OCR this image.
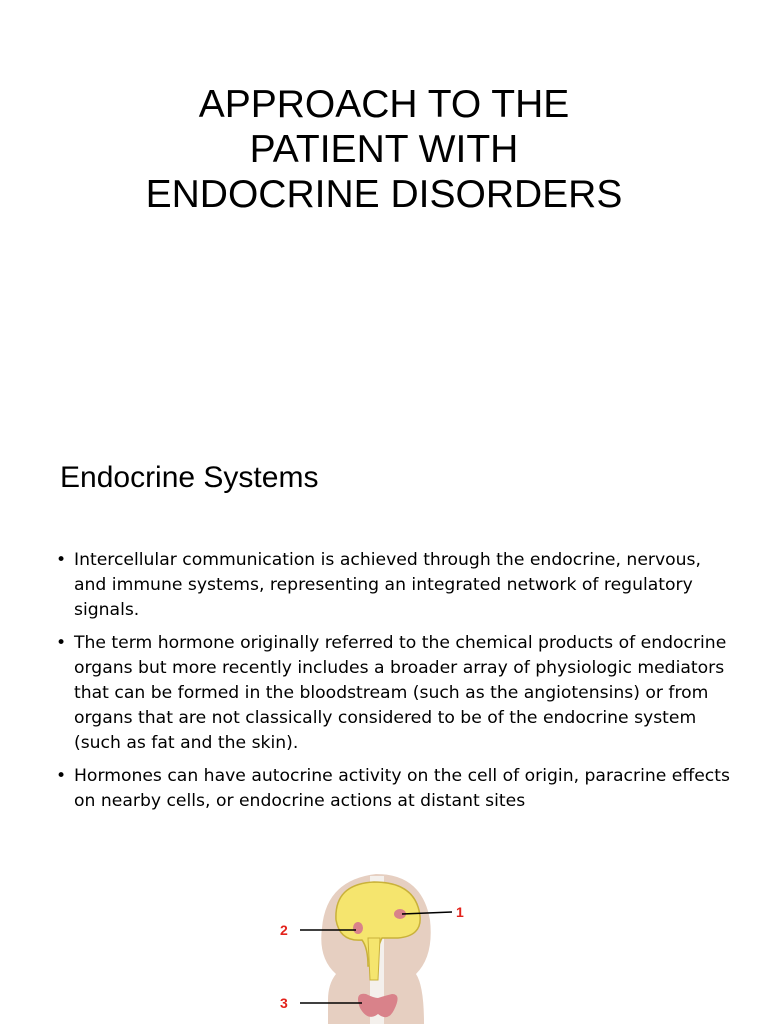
APPROACH TO THE
PATIENT WITH
ENDOCRINE DISORDERS
Endocrine Systems
• Intercellular communication is achieved through the endocrine, nervous, and immune systems, representing an integrated network of regulatory signals.
• The term hormone originally referred to the chemical products of endocrine organs but more recently includes a broader array of physiologic mediators that can be formed in the bloodstream (such as the angiotensins) or from organs that are not classically considered to be of the endocrine system (such as fat and the skin).
• Hormones can have autocrine activity on the cell of origin, paracrine effects on nearby cells, or endocrine actions at distant sites
1
2
3
